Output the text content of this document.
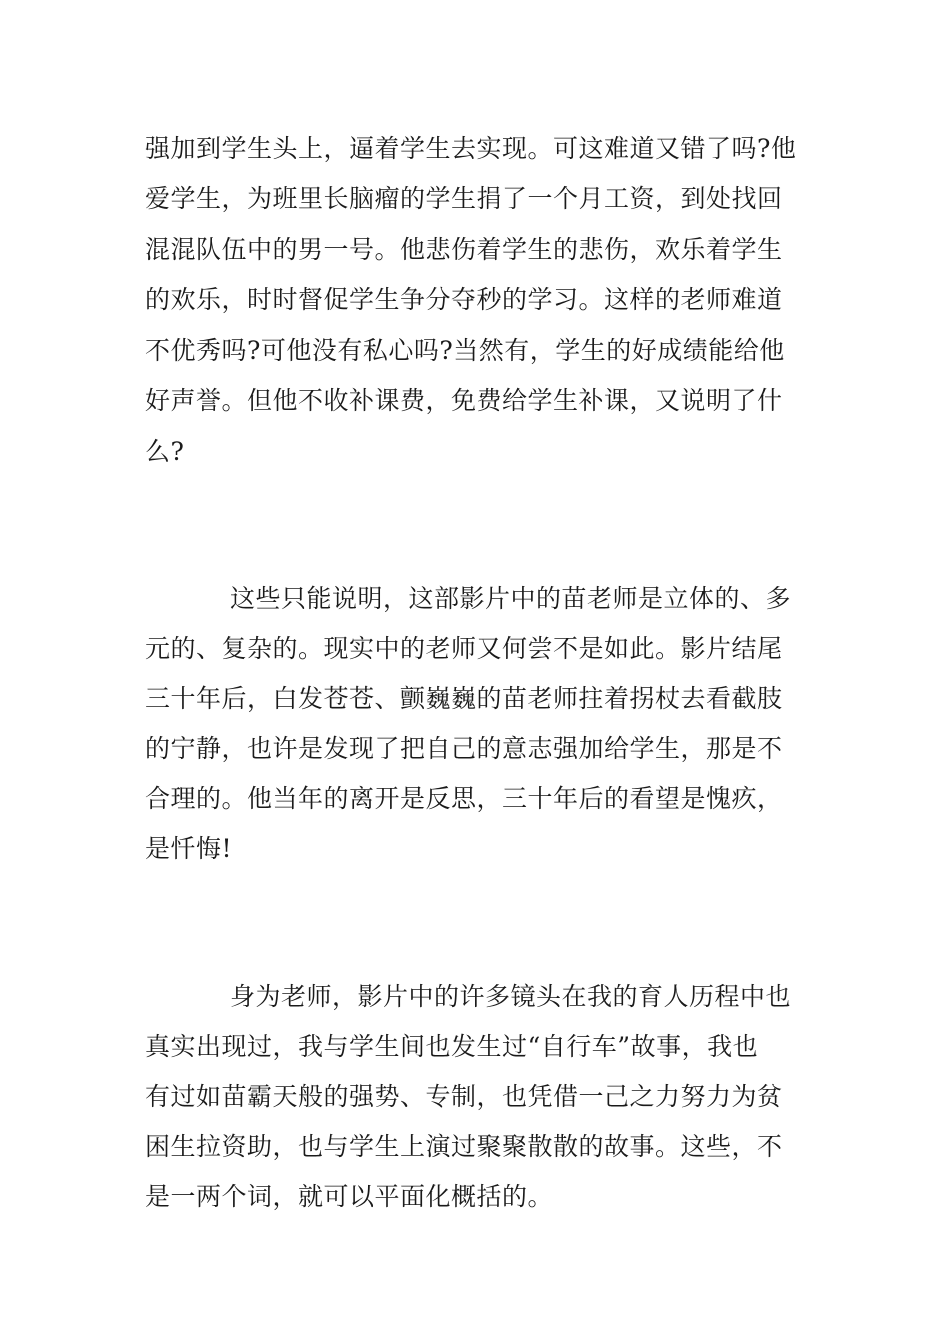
强加到学生头上，逼着学生去实现。可这难道又错了吗?他
爱学生，为班里长脑瘤的学生捐了一个月工资，到处找回
混混队伍中的男一号。他悲伤着学生的悲伤，欢乐着学生
的欢乐，时时督促学生争分夺秒的学习。这样的老师难道
不优秀吗?可他没有私心吗?当然有，学生的好成绩能给他
好声誉。但他不收补课费，免费给学生补课，又说明了什
么?
这些只能说明，这部影片中的苗老师是立体的、多
元的、复杂的。现实中的老师又何尝不是如此。影片结尾
三十年后，白发苍苍、颤巍巍的苗老师拄着拐杖去看截肢
的宁静，也许是发现了把自己的意志强加给学生，那是不
合理的。他当年的离开是反思，三十年后的看望是愧疚，
是忏悔!
身为老师，影片中的许多镜头在我的育人历程中也
真实出现过，我与学生间也发生过“自行车”故事，我也
有过如苗霸天般的强势、专制，也凭借一己之力努力为贫
困生拉资助，也与学生上演过聚聚散散的故事。这些，不
是一两个词，就可以平面化概括的。
